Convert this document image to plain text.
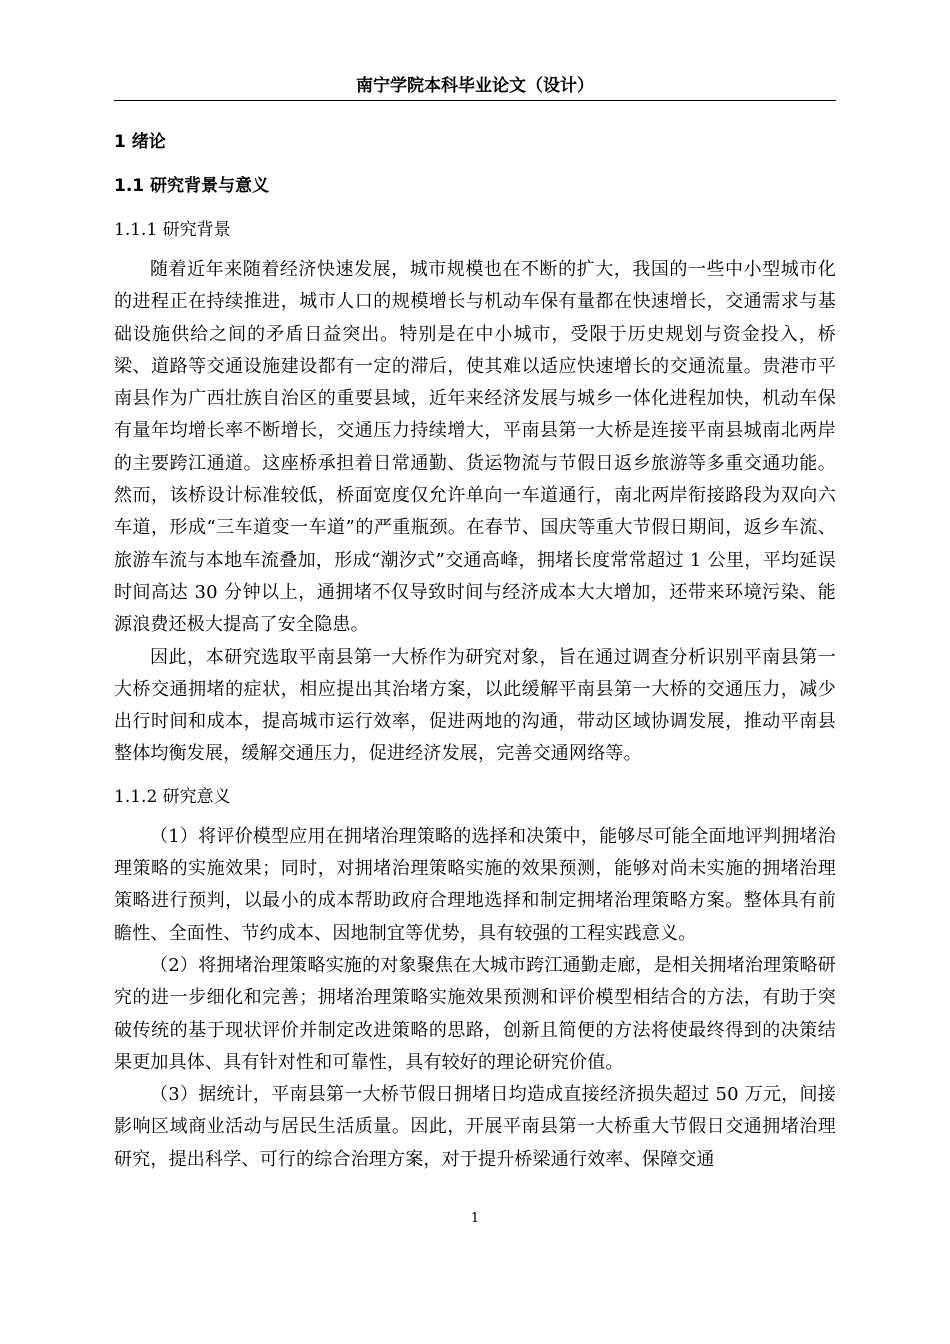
南宁学院本科毕业论文（设计）
1 绪论
1.1 研究背景与意义
1.1.1 研究背景

随着近年来随着经济快速发展，城市规模也在不断的扩大，我国的一些中小型城市化的进程正在持续推进，城市人口的规模增长与机动车保有量都在快速增长，交通需求与基础设施供给之间的矛盾日益突出。特别是在中小城市，受限于历史规划与资金投入，桥梁、道路等交通设施建设都有一定的滞后，使其难以适应快速增长的交通流量。贵港市平南县作为广西壮族自治区的重要县域，近年来经济发展与城乡一体化进程加快，机动车保有量年均增长率不断增长，交通压力持续增大，平南县第一大桥是连接平南县城南北两岸的主要跨江通道。这座桥承担着日常通勤、货运物流与节假日返乡旅游等多重交通功能。然而，该桥设计标准较低，桥面宽度仅允许单向一车道通行，南北两岸衔接路段为双向六车道，形成“三车道变一车道”的严重瓶颈。在春节、国庆等重大节假日期间，返乡车流、旅游车流与本地车流叠加，形成“潮汐式”交通高峰，拥堵长度常常超过 1 公里，平均延误时间高达 30 分钟以上，通拥堵不仅导致时间与经济成本大大增加，还带来环境污染、能源浪费还极大提高了安全隐患。

因此，本研究选取平南县第一大桥作为研究对象，旨在通过调查分析识别平南县第一大桥交通拥堵的症状，相应提出其治堵方案，以此缓解平南县第一大桥的交通压力，减少出行时间和成本，提高城市运行效率，促进两地的沟通，带动区域协调发展，推动平南县整体均衡发展，缓解交通压力，促进经济发展，完善交通网络等。

1.1.2 研究意义

（1）将评价模型应用在拥堵治理策略的选择和决策中，能够尽可能全面地评判拥堵治理策略的实施效果；同时，对拥堵治理策略实施的效果预测，能够对尚未实施的拥堵治理策略进行预判，以最小的成本帮助政府合理地选择和制定拥堵治理策略方案。整体具有前瞻性、全面性、节约成本、因地制宜等优势，具有较强的工程实践意义。

（2）将拥堵治理策略实施的对象聚焦在大城市跨江通勤走廊，是相关拥堵治理策略研究的进一步细化和完善；拥堵治理策略实施效果预测和评价模型相结合的方法，有助于突破传统的基于现状评价并制定改进策略的思路，创新且简便的方法将使最终得到的决策结果更加具体、具有针对性和可靠性，具有较好的理论研究价值。

（3）据统计，平南县第一大桥节假日拥堵日均造成直接经济损失超过 50 万元，间接影响区域商业活动与居民生活质量。因此，开展平南县第一大桥重大节假日交通拥堵治理研究，提出科学、可行的综合治理方案，对于提升桥梁通行效率、保障交通

1
